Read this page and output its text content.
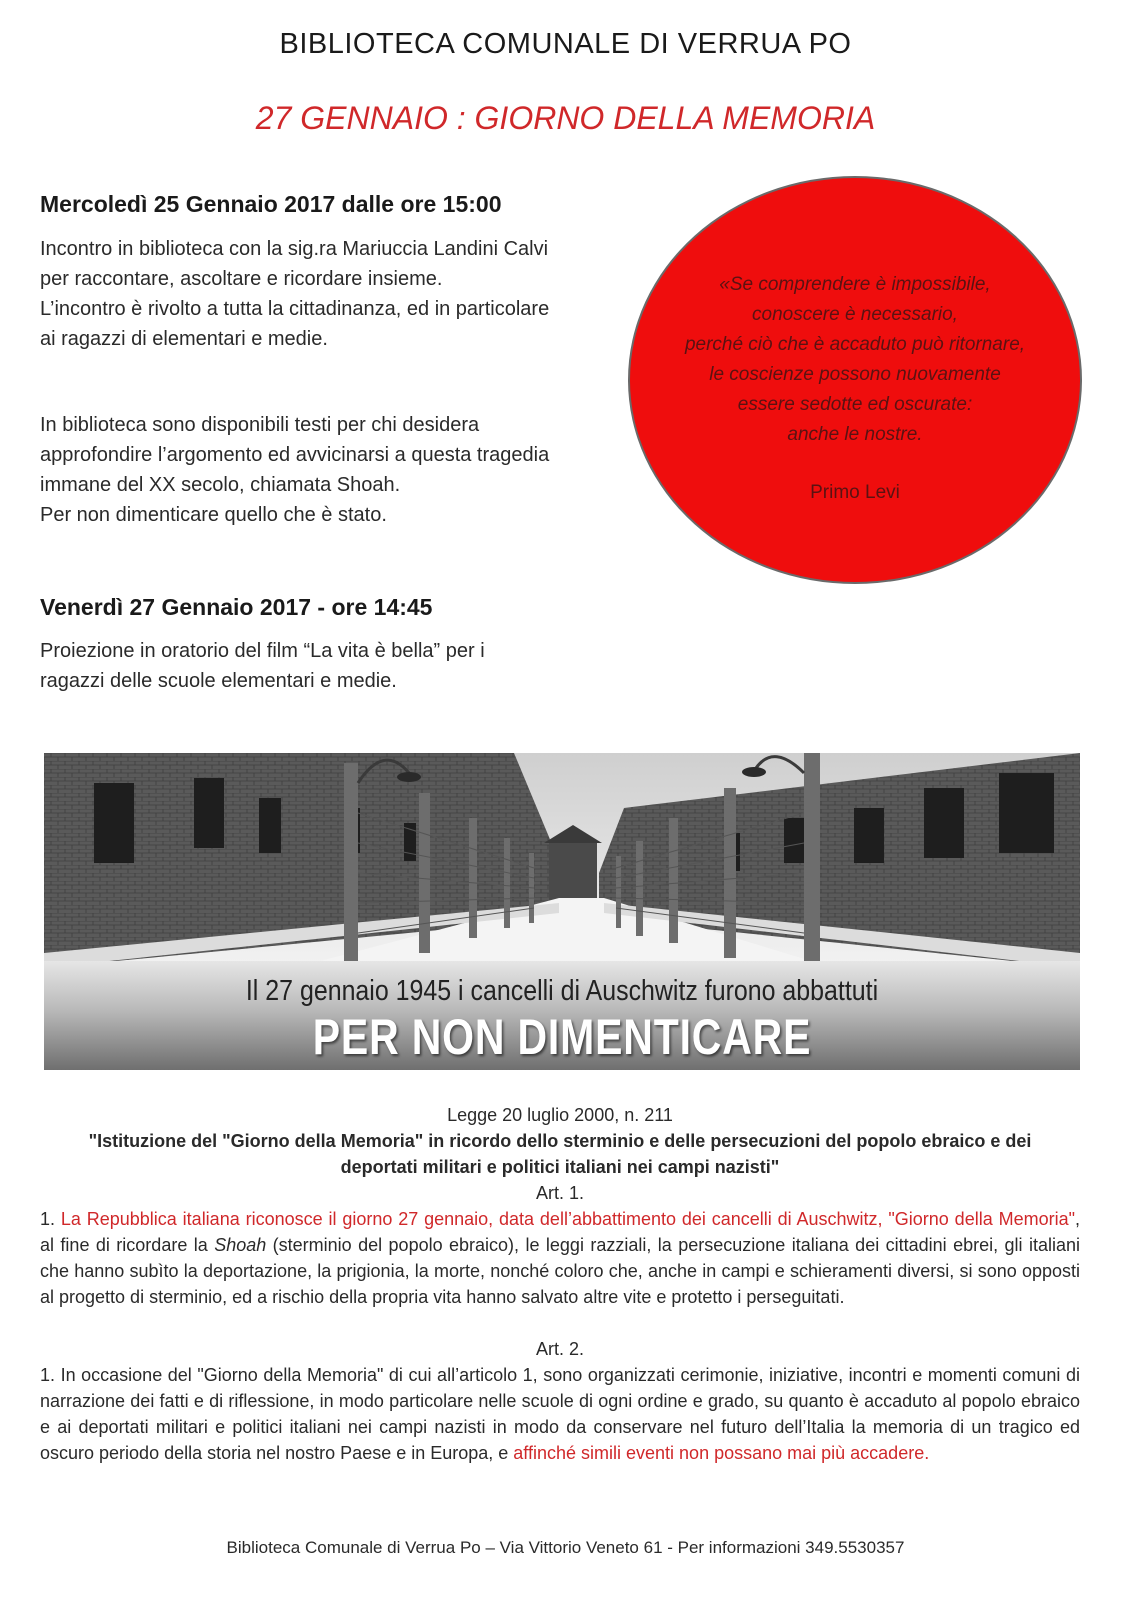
BIBLIOTECA COMUNALE DI VERRUA PO
27 GENNAIO : GIORNO DELLA MEMORIA
Mercoledì 25 Gennaio 2017 dalle ore 15:00

Incontro in biblioteca con la sig.ra Mariuccia Landini Calvi

per raccontare, ascoltare e ricordare insieme.

L’incontro è rivolto a tutta la cittadinanza, ed in particolare

ai ragazzi di elementari e medie.

In biblioteca sono disponibili testi per chi desidera

approfondire l’argomento ed avvicinarsi a questa tragedia

immane del XX secolo, chiamata Shoah.

Per non dimenticare quello che è stato.

«Se comprendere è impossibile,
conoscere è necessario,
perché ciò che è accaduto può ritornare,
le coscienze possono nuovamente
essere sedotte ed oscurate:
anche le nostre.
Primo Levi
Venerdì 27 Gennaio 2017 - ore 14:45

Proiezione in oratorio del film “La vita è bella” per i

ragazzi delle scuole elementari e medie.

Il 27 gennaio 1945 i cancelli di Auschwitz furono abbattuti
PER NON DIMENTICARE
Legge 20 luglio 2000, n. 211
"Istituzione del "Giorno della Memoria" in ricordo dello sterminio e delle persecuzioni del popolo ebraico e dei
deportati militari e politici italiani nei campi nazisti"
Art. 1.
1. La Repubblica italiana riconosce il giorno 27 gennaio, data dell’abbattimento dei cancelli di Auschwitz, "Giorno della Memoria", al fine di ricordare la Shoah (sterminio del popolo ebraico), le leggi razziali, la persecuzione italiana dei cittadini ebrei, gli italiani che hanno subìto la deportazione, la prigionia, la morte, nonché coloro che, anche in campi e schieramenti diversi, si sono opposti al progetto di sterminio, ed a rischio della propria vita hanno salvato altre vite e protetto i perseguitati.
Art. 2.
1. In occasione del "Giorno della Memoria" di cui all’articolo 1, sono organizzati cerimonie, iniziative, incontri e momenti comuni di narrazione dei fatti e di riflessione, in modo particolare nelle scuole di ogni ordine e grado, su quanto è accaduto al popolo ebraico e ai deportati militari e politici italiani nei campi nazisti in modo da conservare nel futuro dell’Italia la memoria di un tragico ed oscuro periodo della storia nel nostro Paese e in Europa, e affinché simili eventi non possano mai più accadere.
Biblioteca Comunale di Verrua Po – Via Vittorio Veneto 61 - Per informazioni 349.5530357
